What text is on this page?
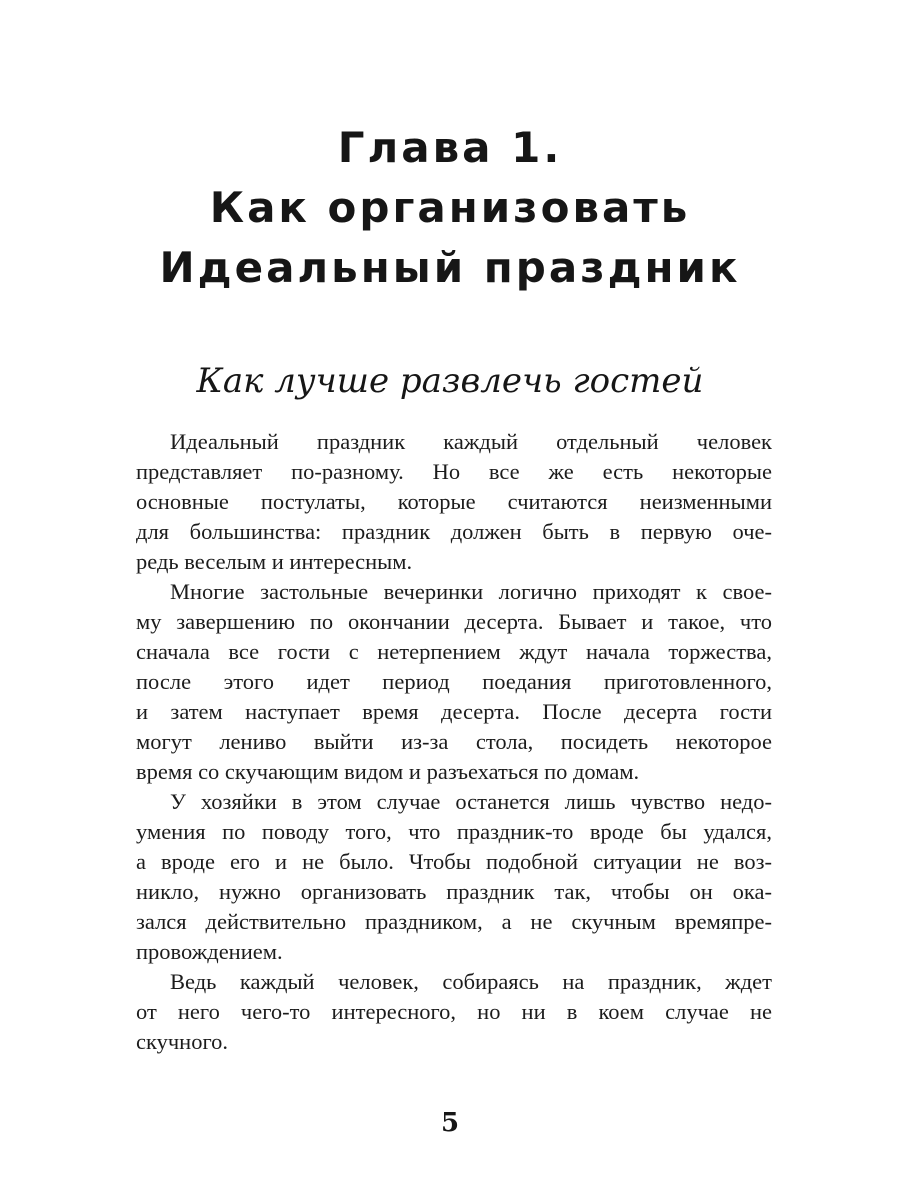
Глава 1.
Как организовать
Идеальный праздник
Как лучше развлечь гостей
Идеальный праздник каждый отдельный человек
представляет по-разному. Но все же есть некоторые
основные постулаты, которые считаются неизменными
для большинства: праздник должен быть в первую оче-
редь веселым и интересным.
Многие застольные вечеринки логично приходят к свое-
му завершению по окончании десерта. Бывает и такое, что
сначала все гости с нетерпением ждут начала торжества,
после этого идет период поедания приготовленного,
и затем наступает время десерта. После десерта гости
могут лениво выйти из-за стола, посидеть некоторое
время со скучающим видом и разъехаться по домам.
У хозяйки в этом случае останется лишь чувство недо-
умения по поводу того, что праздник-то вроде бы удался,
а вроде его и не было. Чтобы подобной ситуации не воз-
никло, нужно организовать праздник так, чтобы он ока-
зался действительно праздником, а не скучным времяпре-
провождением.
Ведь каждый человек, собираясь на праздник, ждет
от него чего-то интересного, но ни в коем случае не
скучного.
5
